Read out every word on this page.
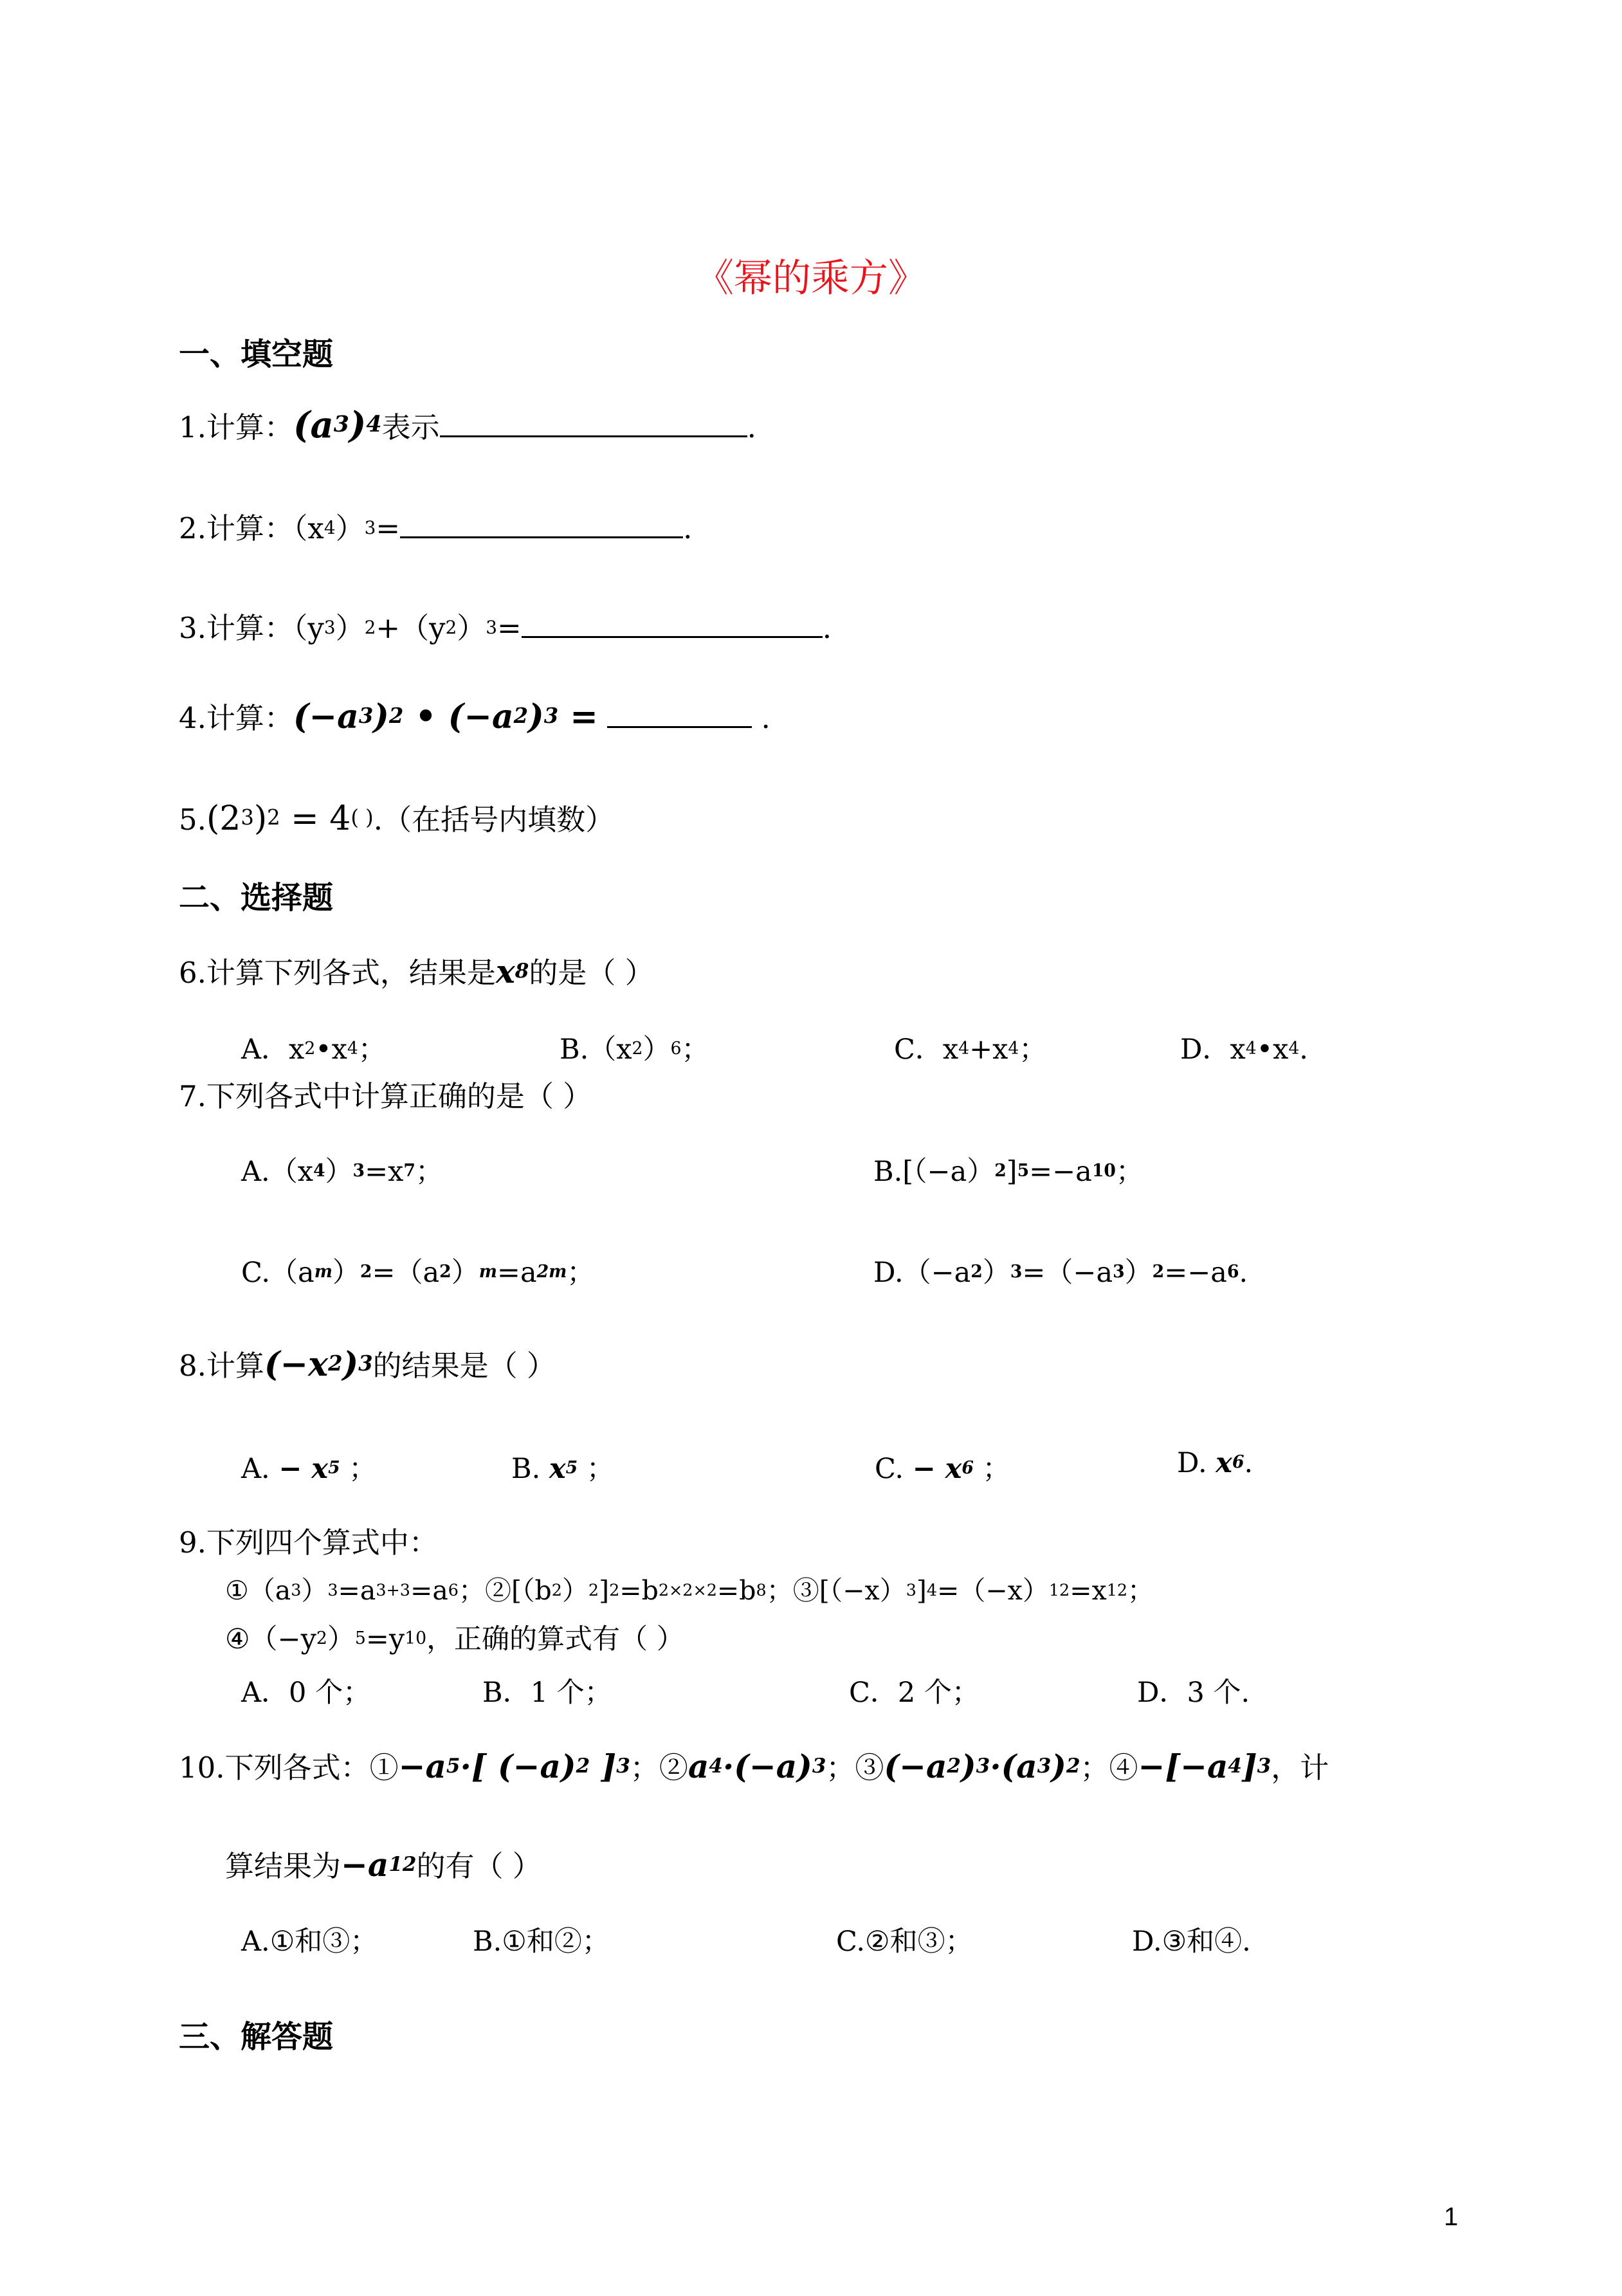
《幂的乘方》
一、填空题
1.计算：$(a^3)^4$表示	.
2.计算：$(x^4)^3=$	.
3.计算：$(y^3)^2+(y^2)^3=$	.
4.计算：$(-a^3)^2$ • $(-a^2)^3$ =	.
$5.(2^3)^2 = 4^{( )}$.（在括号内填数）
二、选择题
6.计算下列各式，结果是$x^8$的是（ ）
A．$x^2•x^4$；	$B.(x^2)^6$；	C．$x^4+x^4$；	D．$x^4•x^4$.
7.下列各式中计算正确的是（ ）
$A.(x^4)^3=x^7$；	$B.[(-a)^2]^5=-a^{10}$；
$C.(a^m)^2=(a^2)^m=a^{2m}$；	$D.(-a^2)^3=(-a^3)^2=-a^6$.
8.计算$(-x^2)^3$的结果是（ ）
A. − $x^5$ ；	B. $x^5$ ；	C. − $x^6$ ；	D. $x^6$.
9.下列四个算式中：
$①(a^3)^3=a^{3+3}=a^6$；$②[(b^2)^2]^2=b^{2\times 2\times 2}=b^8$；$③[(-x)^3]^4=(-x)^{12}=x^{12}$；
$④(-y^2)^5=y^{10}$，正确的算式有（ ）
A．0 个；	B．1 个；	C．2 个；	D．3 个.
10.下列各式：$①-a^5\cdot$[ $(-a)^2$ ]$^3$；$②a^4\cdot(-a)^3$；$③(-a^2)^3\cdot(a^3)^2$；$④-[-a^4]^3$，计
算结果为$-a^{12}$的有（ ）
A.①和③；	B.①和②；	C.②和③；	D.③和④.
三、解答题
1
